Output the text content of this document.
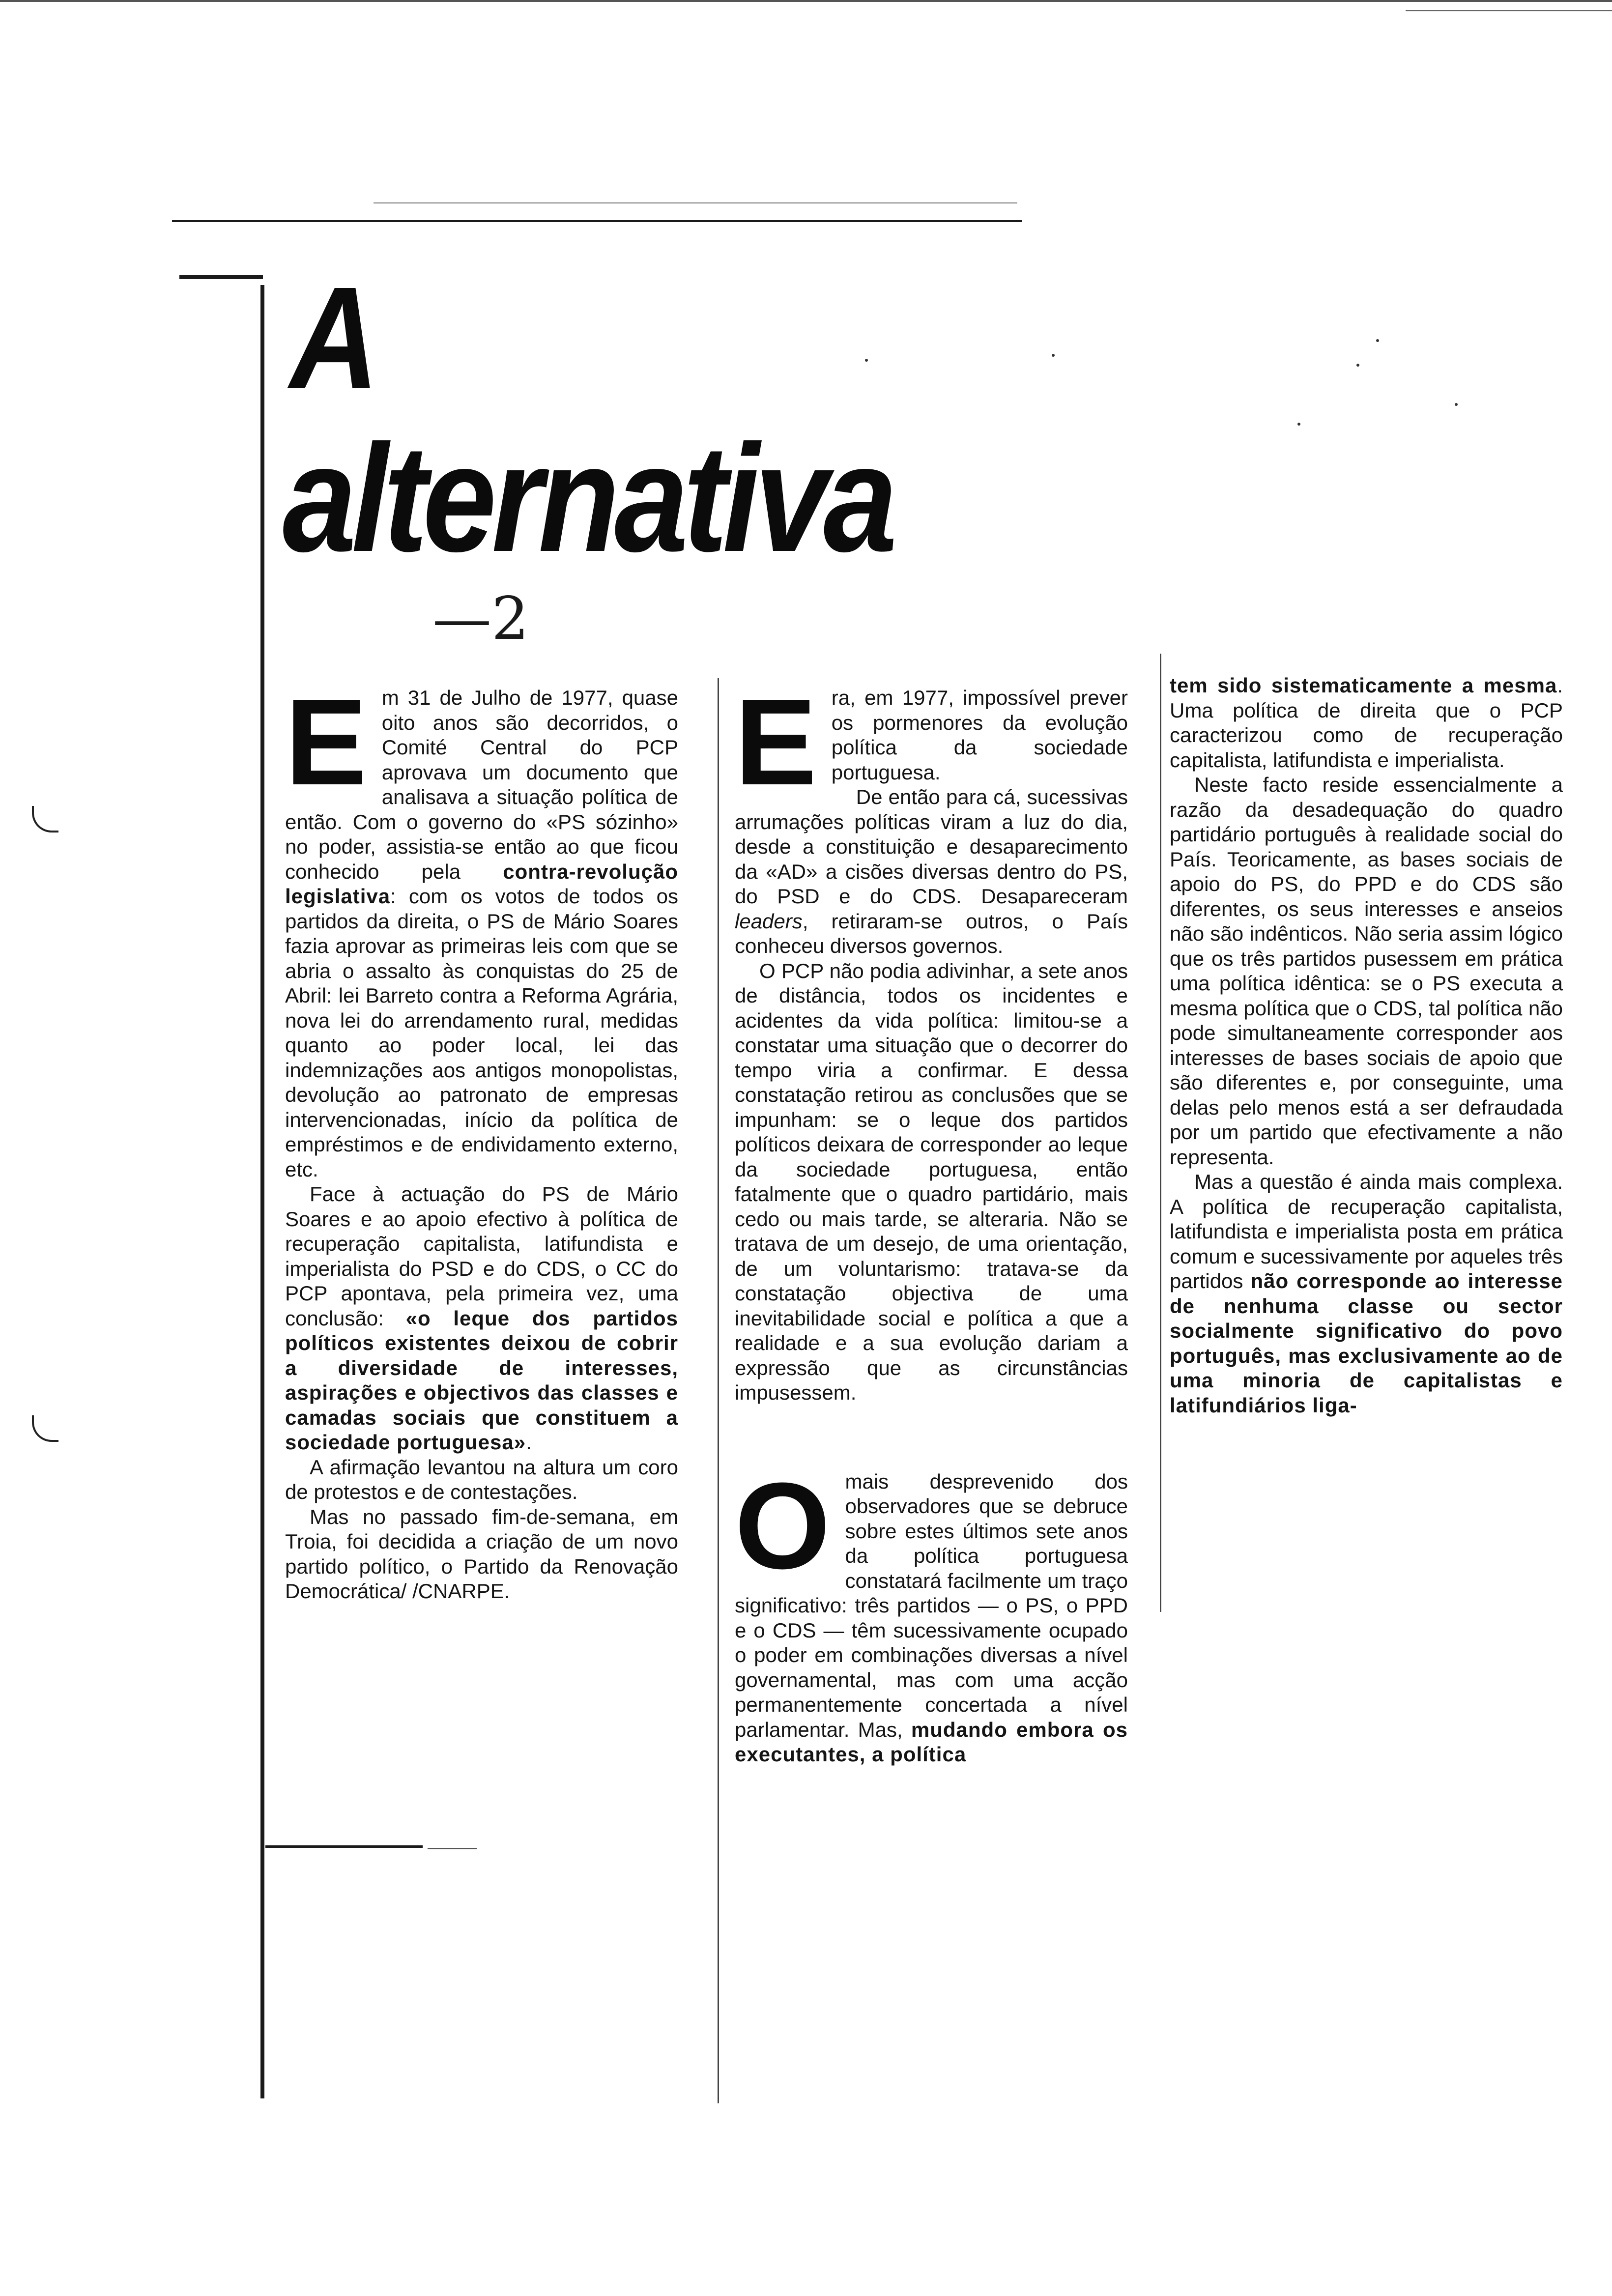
A
alternativa
—2
E m 31 de Julho de 1977, quase oito anos são decorridos, o Comité Central do PCP aprovava um documento que analisava a situação política de então. Com o governo do «PS sózinho» no poder, assistia-se então ao que ficou conhecido pela contra-revolução legislativa: com os votos de todos os partidos da direita, o PS de Mário Soares fazia aprovar as primeiras leis com que se abria o assalto às conquistas do 25 de Abril: lei Barreto contra a Reforma Agrária, nova lei do arrendamento rural, medidas quanto ao poder local, lei das indemnizações aos antigos monopolistas, devolução ao patronato de empresas intervencionadas, início da política de empréstimos e de endividamento externo, etc.

Face à actuação do PS de Mário Soares e ao apoio efectivo à política de recuperação capitalista, latifundista e imperialista do PSD e do CDS, o CC do PCP apontava, pela primeira vez, uma conclusão: «o leque dos partidos políticos existentes deixou de cobrir a diversidade de interesses, aspirações e objectivos das classes e camadas sociais que constituem a sociedade portuguesa».

A afirmação levantou na altura um coro de protestos e de contestações.

Mas no passado fim-de-semana, em Troia, foi decidida a criação de um novo partido político, o Partido da Renovação Democrática/ /CNARPE.

E ra, em 1977, impossível prever os pormenores da evolução política da sociedade portuguesa.

De então para cá, sucessivas arrumações políticas viram a luz do dia, desde a constituição e desaparecimento da «AD» a cisões diversas dentro do PS, do PSD e do CDS. Desapareceram leaders, retiraram-se outros, o País conheceu diversos governos.

O PCP não podia adivinhar, a sete anos de distância, todos os incidentes e acidentes da vida política: limitou-se a constatar uma situação que o decorrer do tempo viria a confirmar. E dessa constatação retirou as conclusões que se impunham: se o leque dos partidos políticos deixara de corresponder ao leque da sociedade portuguesa, então fatalmente que o quadro partidário, mais cedo ou mais tarde, se alteraria. Não se tratava de um desejo, de uma orientação, de um voluntarismo: tratava-se da constatação objectiva de uma inevitabilidade social e política a que a realidade e a sua evolução dariam a expressão que as circunstâncias impusessem.

O mais desprevenido dos observadores que se debruce sobre estes últimos sete anos da política portuguesa constatará facilmente um traço significativo: três partidos — o PS, o PPD e o CDS — têm sucessivamente ocupado o poder em combinações diversas a nível governamental, mas com uma acção permanentemente concertada a nível parlamentar. Mas, mudando embora os executantes, a política

tem sido sistematicamente a mesma. Uma política de direita que o PCP caracterizou como de recuperação capitalista, latifundista e imperialista.

Neste facto reside essencialmente a razão da desadequação do quadro partidário português à realidade social do País. Teoricamente, as bases sociais de apoio do PS, do PPD e do CDS são diferentes, os seus interesses e anseios não são indênticos. Não seria assim lógico que os três partidos pusessem em prática uma política idêntica: se o PS executa a mesma política que o CDS, tal política não pode simultaneamente corresponder aos interesses de bases sociais de apoio que são diferentes e, por conseguinte, uma delas pelo menos está a ser defraudada por um partido que efectivamente a não representa.

Mas a questão é ainda mais complexa. A política de recuperação capitalista, latifundista e imperialista posta em prática comum e sucessivamente por aqueles três partidos não corresponde ao interesse de nenhuma classe ou sector socialmente significativo do povo português, mas exclusivamente ao de uma minoria de capitalistas e latifundiários liga-
